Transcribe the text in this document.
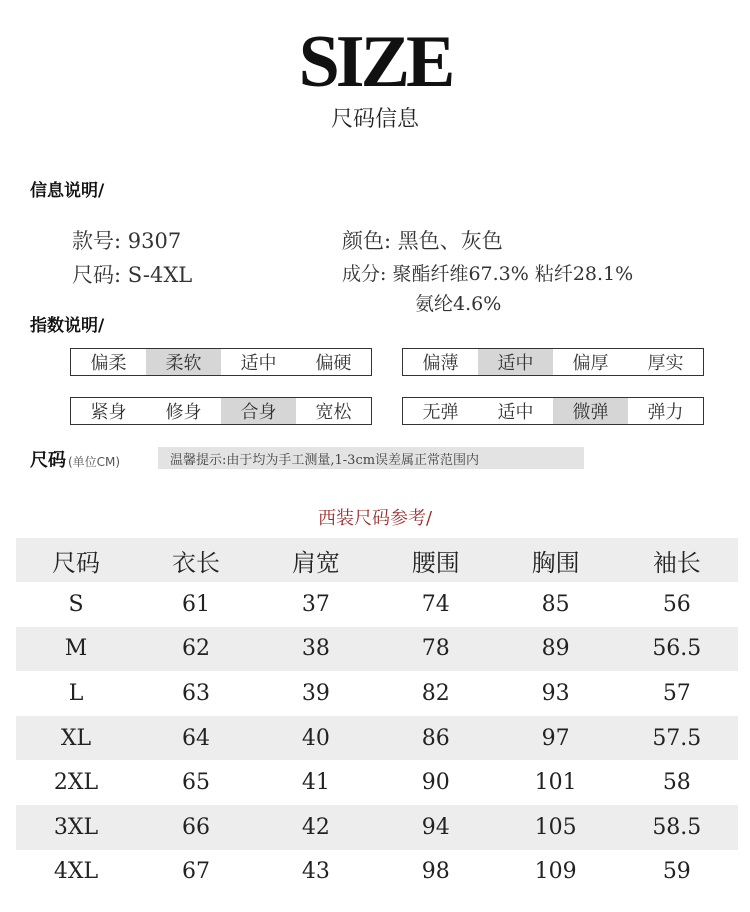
SIZE
尺码信息
信息说明/
款号: 9307
尺码: S-4XL
颜色: 黑色、灰色
成分: 聚酯纤维67.3% 粘纤28.1%
氨纶4.6%
指数说明/
偏柔	柔软	适中	偏硬	偏薄	适中	偏厚	厚实
紧身	修身	合身	宽松	无弹	适中	微弹	弹力
尺码 (单位CM)	温馨提示:由于均为手工测量,1-3cm误差属正常范围内
西装尺码参考/
尺码	衣长	肩宽	腰围	胸围	袖长
S	61	37	74	85	56
M	62	38	78	89	56.5
L	63	39	82	93	57
XL	64	40	86	97	57.5
2XL	65	41	90	101	58
3XL	66	42	94	105	58.5
4XL	67	43	98	109	59
